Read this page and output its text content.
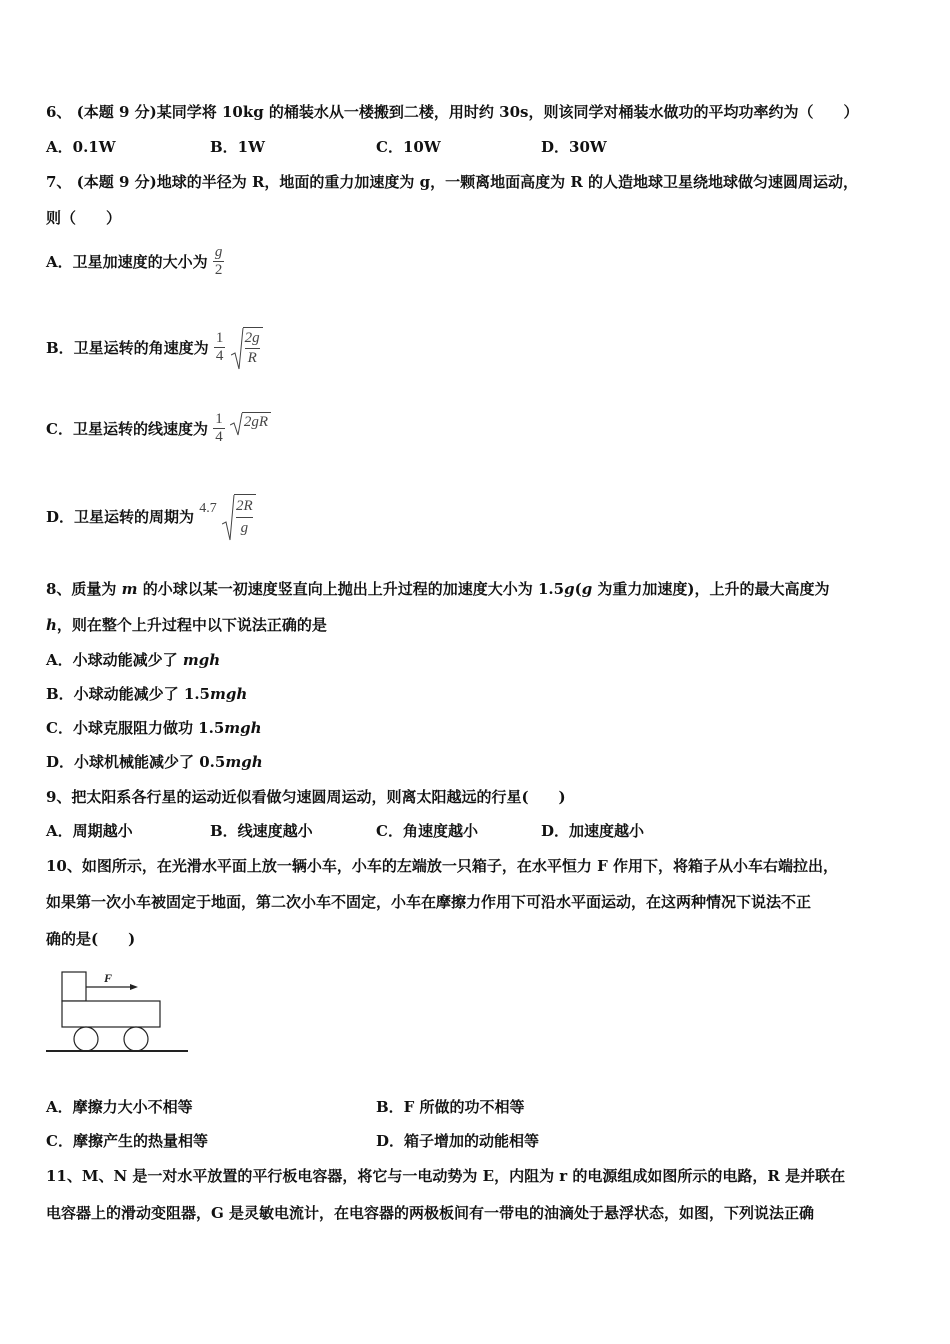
6、 (本题 9 分)某同学将 10kg 的桶装水从一楼搬到二楼，用时约 30s，则该同学对桶装水做功的平均功率约为（　　）
A．0.1W	B．1W	C．10W	D．30W
7、 (本题 9 分)地球的半径为 R，地面的重力加速度为 g，一颗离地面高度为 R 的人造地球卫星绕地球做匀速圆周运动，
则（　　）
A．卫星加速度的大小为 $\frac{g}{2}$
B．卫星运转的角速度为 $\frac{1}{4}$
$\frac{2g}{R}$
C．卫星运转的线速度为 $\frac{1}{4}$
2gR
D．卫星运转的周期为 $4.7 \frac{2R}{g}$
8、质量为 m 的小球以某一初速度竖直向上抛出上升过程的加速度大小为 1.5g(g 为重力加速度)，上升的最大高度为
h，则在整个上升过程中以下说法正确的是
A．小球动能减少了 mgh
B．小球动能减少了 1.5mgh
C．小球克服阻力做功 1.5mgh
D．小球机械能减少了 0.5mgh
9、把太阳系各行星的运动近似看做匀速圆周运动，则离太阳越远的行星(　　)
A．周期越小	B．线速度越小	C．角速度越小	D．加速度越小
10、如图所示，在光滑水平面上放一辆小车，小车的左端放一只箱子，在水平恒力 F 作用下，将箱子从小车右端拉出，
如果第一次小车被固定于地面，第二次小车不固定，小车在摩擦力作用下可沿水平面运动，在这两种情况下说法不正
确的是(　　)
F
A．摩擦力大小不相等	B．F 所做的功不相等
C．摩擦产生的热量相等	D．箱子增加的动能相等
11、M、N 是一对水平放置的平行板电容器，将它与一电动势为 E，内阻为 r 的电源组成如图所示的电路，R 是并联在
电容器上的滑动变阻器，G 是灵敏电流计，在电容器的两极板间有一带电的油滴处于悬浮状态，如图，下列说法正确
